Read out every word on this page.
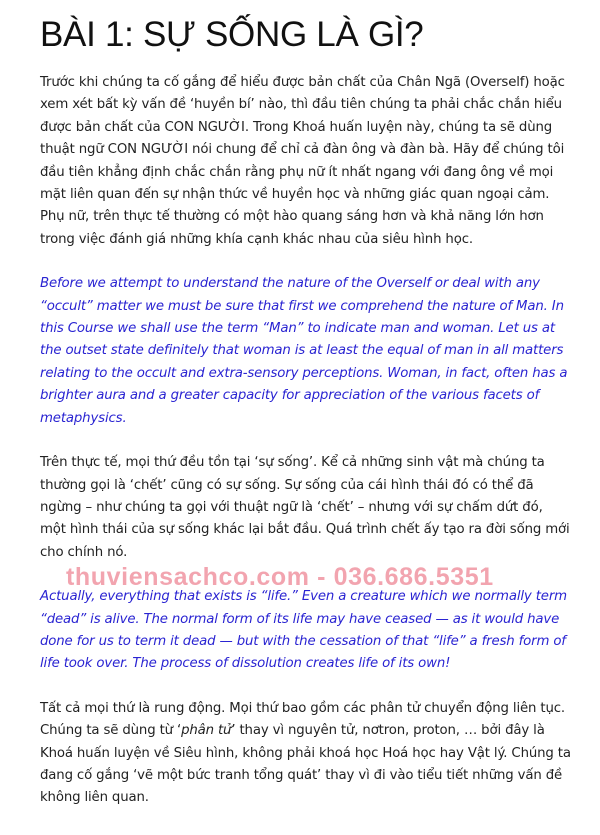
BÀI 1: SỰ SỐNG LÀ GÌ?

Trước khi chúng ta cố gắng để hiểu được bản chất của Chân Ngã (Overself) hoặc xem xét bất kỳ vấn đề ‘huyền bí’ nào, thì đầu tiên chúng ta phải chắc chắn hiểu được bản chất của CON NGƯỜI. Trong Khoá huấn luyện này, chúng ta sẽ dùng thuật ngữ CON NGƯỜI nói chung để chỉ cả đàn ông và đàn bà. Hãy để chúng tôi đầu tiên khẳng định chắc chắn rằng phụ nữ ít nhất ngang với đang ông về mọi mặt liên quan đến sự nhận thức về huyền học và những giác quan ngoại cảm. Phụ nữ, trên thực tế thường có một hào quang sáng hơn và khả năng lớn hơn trong việc đánh giá những khía cạnh khác nhau của siêu hình học.

Before we attempt to understand the nature of the Overself or deal with any “occult” matter we must be sure that first we comprehend the nature of Man. In this Course we shall use the term “Man” to indicate man and woman. Let us at the outset state definitely that woman is at least the equal of man in all matters relating to the occult and extra-sensory perceptions. Woman, in fact, often has a brighter aura and a greater capacity for appreciation of the various facets of metaphysics.

Trên thực tế, mọi thứ đều tồn tại ‘sự sống’. Kể cả những sinh vật mà chúng ta thường gọi là ‘chết’ cũng có sự sống. Sự sống của cái hình thái đó có thể đã ngừng – như chúng ta gọi với thuật ngữ là ‘chết’ – nhưng với sự chấm dứt đó, một hình thái của sự sống khác lại bắt đầu. Quá trình chết ấy tạo ra đời sống mới cho chính nó.

Actually, everything that exists is “life.” Even a creature which we normally term “dead” is alive. The normal form of its life may have ceased — as it would have done for us to term it dead — but with the cessation of that “life” a fresh form of life took over. The process of dissolution creates life of its own!

Tất cả mọi thứ là rung động. Mọi thứ bao gồm các phân tử chuyển động liên tục. Chúng ta sẽ dùng từ ‘phân tử’ thay vì nguyên tử, nơtron, proton, … bởi đây là Khoá huấn luyện về Siêu hình, không phải khoá học Hoá học hay Vật lý. Chúng ta đang cố gắng ‘vẽ một bức tranh tổng quát’ thay vì đi vào tiểu tiết những vấn đề không liên quan.

thuviensachco.com - 036.686.5351
